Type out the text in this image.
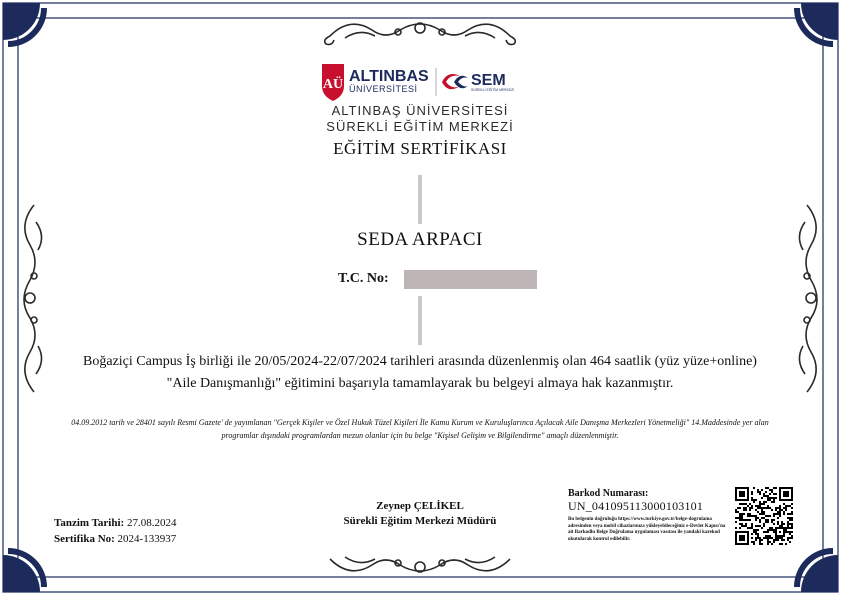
AÜ ALTINBAS
ÜNİVERSİTESİ	SEM
SÜREKLİ EĞİTİM MERKEZİ
ALTINBAŞ ÜNİVERSİTESİ
SÜREKLİ EĞİTİM MERKEZİ
EĞİTİM SERTİFİKASI
SEDA ARPACI
T.C. No:
Boğaziçi Campus İş birliği ile 20/05/2024-22/07/2024 tarihleri arasında düzenlenmiş olan 464 saatlik (yüz yüze+online) "Aile Danışmanlığı" eğitimini başarıyla tamamlayarak bu belgeyi almaya hak kazanmıştır.
04.09.2012 tarih ve 28401 sayılı Resmi Gazete' de yayımlanan "Gerçek Kişiler ve Özel Hukuk Tüzel Kişileri İle Kamu Kurum ve Kuruluşlarınca Açılacak Aile Danışma Merkezleri Yönetmeliği" 14.Maddesinde yer alan programlar dışındaki programlardan mezun olanlar için bu belge "Kişisel Gelişim ve Bilgilendirme" amaçlı düzenlenmiştir.
Tanzim Tarihi: 27.08.2024
Sertifika No: 2024-133937
Zeynep ÇELİKEL
Sürekli Eğitim Merkezi Müdürü
Barkod Numarası:
UN_041095113000103101
Bu belgenin doğruluğu https://www.turkiye.gov.tr/belge-dogrulama adresinden veya mobil cihazlarınıza yükleyebileceğiniz e-Devlet Kapısı'na ait Barkodlu Belge Doğrulama uygulaması vasıtası ile yandaki karekod okutularak kontrol edilebilir.
